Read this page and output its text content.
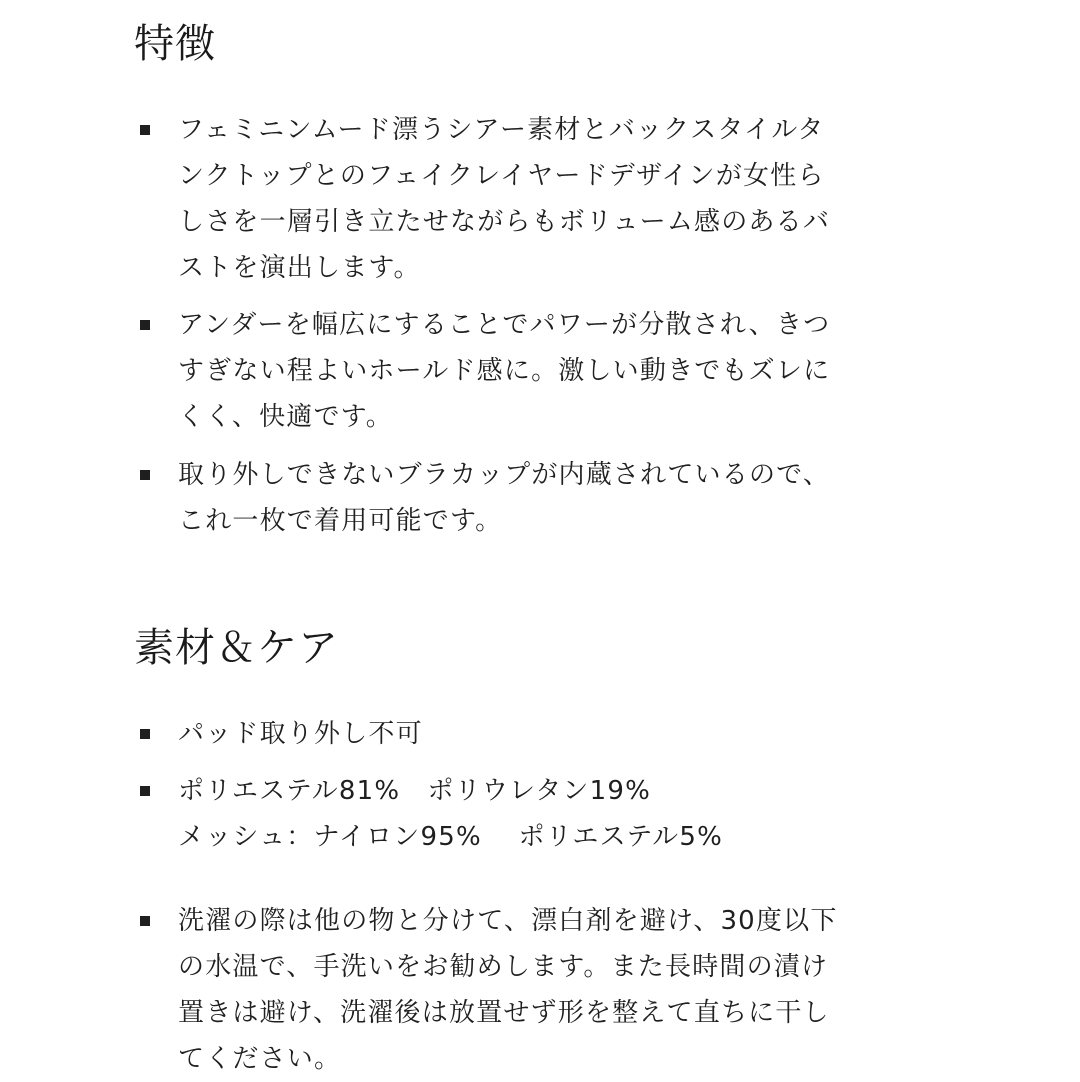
特徴
フェミニンムード漂うシアー素材とバックスタイルタ
ンクトップとのフェイクレイヤードデザインが女性ら
しさを一層引き立たせながらもボリューム感のあるバ
ストを演出します。
アンダーを幅広にすることでパワーが分散され、きつ
すぎない程よいホールド感に。激しい動きでもズレに
くく、快適です。
取り外しできないブラカップが内蔵されているので、
これ一枚で着用可能です。
素材＆ケア
パッド取り外し不可
ポリエステル81%　ポリウレタン19%
メッシュ：ナイロン95%　 ポリエステル5%
洗濯の際は他の物と分けて、漂白剤を避け、30度以下
の水温で、手洗いをお勧めします。また長時間の漬け
置きは避け、洗濯後は放置せず形を整えて直ちに干し
てください。
